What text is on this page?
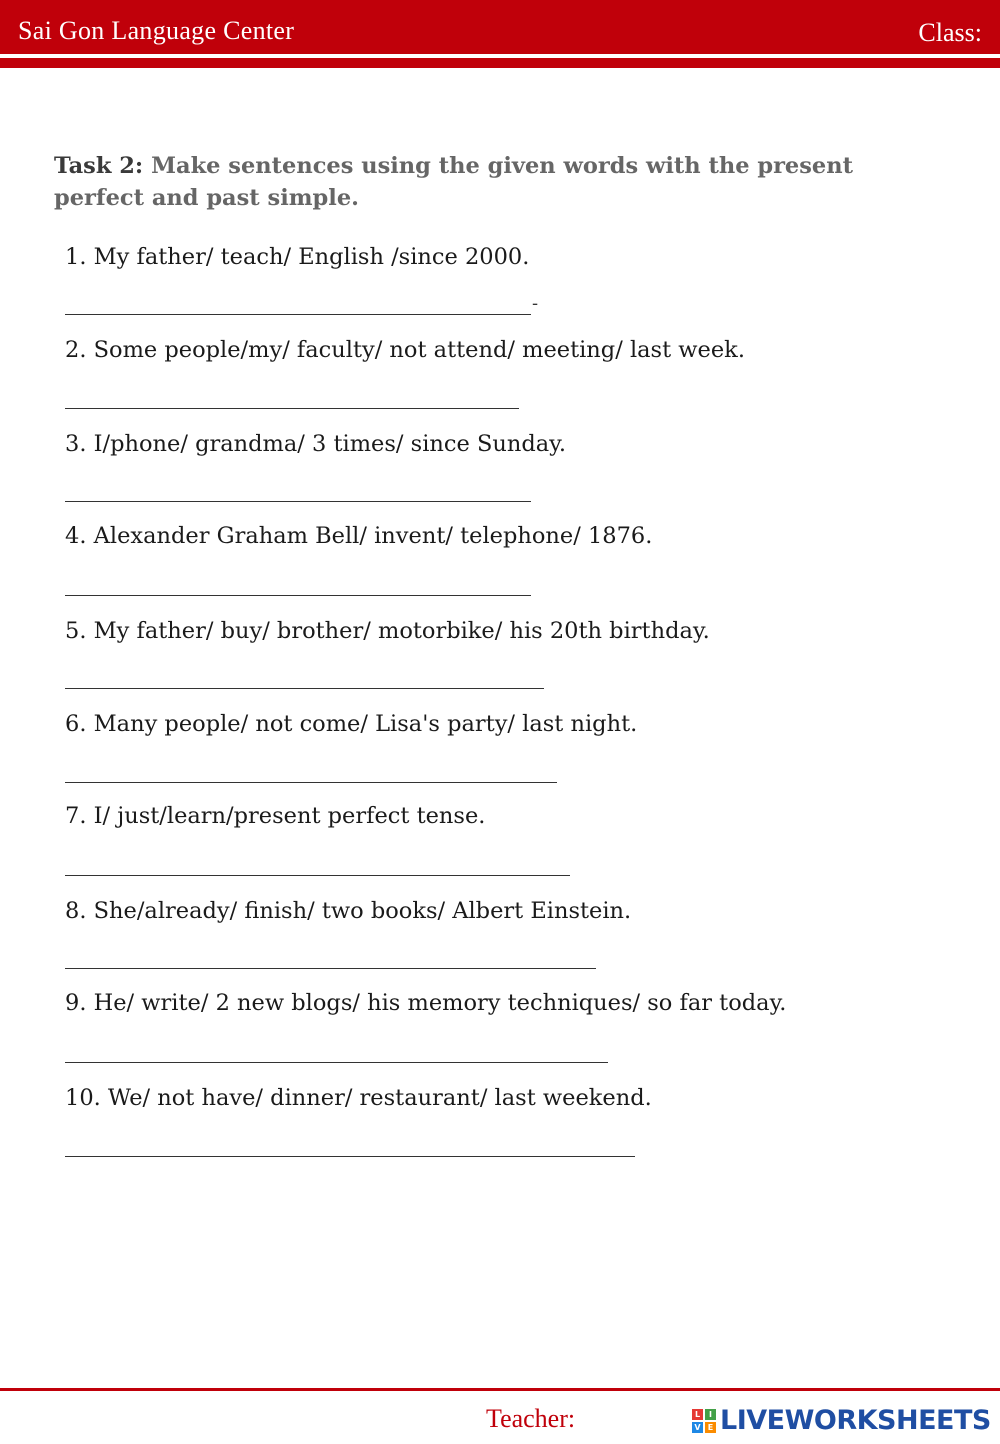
Sai Gon Language Center	Class:
Task 2: Make sentences using the given words with the present perfect and past simple.
1. My father/ teach/ English /since 2000.
-
2. Some people/my/ faculty/ not attend/ meeting/ last week.
3. I/phone/ grandma/ 3 times/ since Sunday.
4. Alexander Graham Bell/ invent/ telephone/ 1876.
5. My father/ buy/ brother/ motorbike/ his 20th birthday.
6. Many people/ not come/ Lisa's party/ last night.
7. I/ just/learn/present perfect tense.
8. She/already/ finish/ two books/ Albert Einstein.
9. He/ write/ 2 new blogs/ his memory techniques/ so far today.
10. We/ not have/ dinner/ restaurant/ last weekend.
Teacher:	L	I
V E LIVEWORKSHEETS
